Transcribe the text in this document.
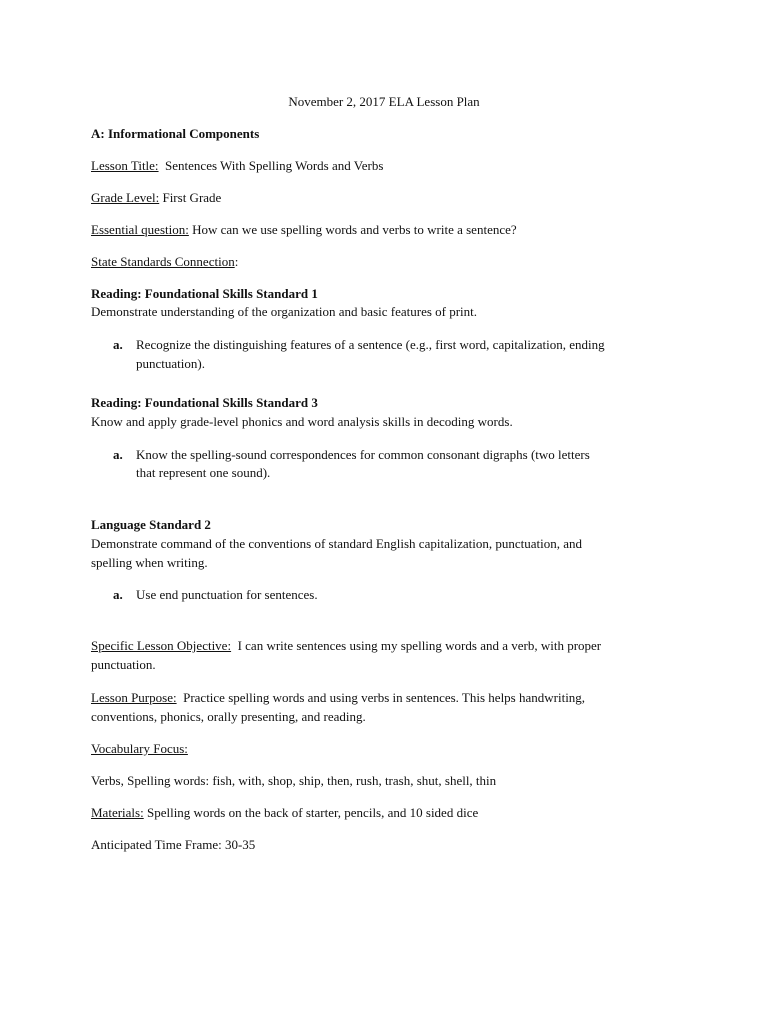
November 2, 2017 ELA Lesson Plan
A: Informational Components
Lesson Title:  Sentences With Spelling Words and Verbs
Grade Level: First Grade
Essential question: How can we use spelling words and verbs to write a sentence?
State Standards Connection:
Reading: Foundational Skills Standard 1
Demonstrate understanding of the organization and basic features of print.
a. Recognize the distinguishing features of a sentence (e.g., first word, capitalization, ending
punctuation).
Reading: Foundational Skills Standard 3
Know and apply grade-level phonics and word analysis skills in decoding words.
a. Know the spelling-sound correspondences for common consonant digraphs (two letters
that represent one sound).
Language Standard 2
Demonstrate command of the conventions of standard English capitalization, punctuation, and
spelling when writing.
a. Use end punctuation for sentences.
Specific Lesson Objective:  I can write sentences using my spelling words and a verb, with proper
punctuation.
Lesson Purpose:  Practice spelling words and using verbs in sentences. This helps handwriting,
conventions, phonics, orally presenting, and reading.
Vocabulary Focus:
Verbs, Spelling words: fish, with, shop, ship, then, rush, trash, shut, shell, thin
Materials: Spelling words on the back of starter, pencils, and 10 sided dice
Anticipated Time Frame: 30-35
